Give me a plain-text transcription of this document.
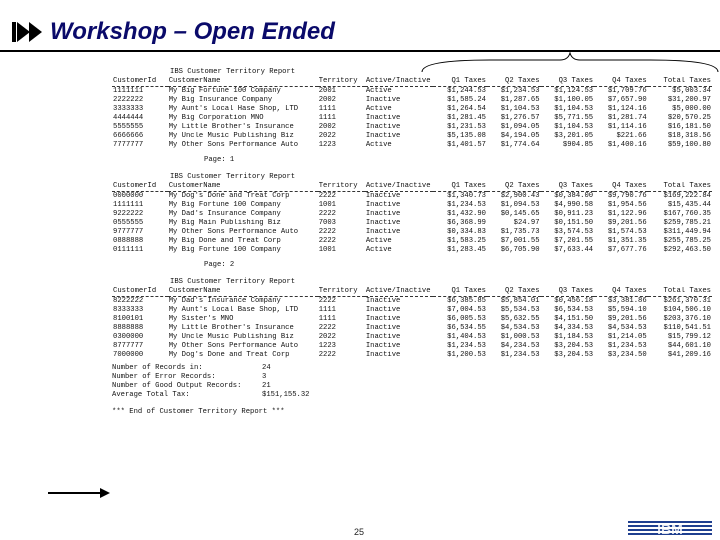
Workshop – Open Ended
IBS Customer Territory Report
CustomerId	CustomerName	Territory	Active/Inactive	Q1 Taxes	Q2 Taxes	Q3 Taxes	Q4 Taxes	Total Taxes
1111111	My Big Fortune 100 Company	2001	Active	$1,244.53	$1,234.53	$1,124.53	$1,709.76	$5,003.34
2222222	My Big Insurance Company	2002	Inactive	$1,585.24	$1,287.65	$1,100.05	$7,657.90	$31,200.97
3333333	My Aunt's Local Hase Shop, LTD	1111	Active	$1,264.54	$1,104.53	$1,104.53	$1,124.16	$5,000.00
4444444	My Big Corporation MNO	1111	Inactive	$1,281.45	$1,276.57	$5,771.55	$1,281.74	$20,570.25
5555555	My Little Brother's Insurance	2002	Inactive	$1,231.53	$1,094.05	$1,104.53	$1,114.16	$16,181.50
6666666	My Uncle Music Publishing Biz	2022	Inactive	$5,135.08	$4,194.05	$3,201.05	$221.66	$18,318.56
7777777	My Other Sons Performance Auto	1223	Active	$1,401.57	$1,774.64	$904.85	$1,400.16	$59,100.80
Page: 1
IBS Customer Territory Report
CustomerId	CustomerName	Territory	Active/Inactive	Q1 Taxes	Q2 Taxes	Q3 Taxes	Q4 Taxes	Total Taxes
0000000	My Dog's Done and Treat Corp	2222	Inactive	$1,340.73	$2,900.43	$0,384.00	$9,790.76	$169,222.84
1111111	My Big Fortune 100 Company	1001	Inactive	$1,234.53	$1,094.53	$4,990.58	$1,954.56	$15,435.44
9222222	My Dad's Insurance Company	2222	Inactive	$1,432.90	$0,145.65	$0,911.23	$1,122.96	$167,760.35
0555555	My Big Main Publishing Biz	7003	Inactive	$6,368.99	$24.97	$0,151.50	$9,201.56	$259,785.21
9777777	My Other Sons Performance Auto	2222	Inactive	$0,334.83	$1,735.73	$3,574.53	$1,574.53	$311,449.94
0888888	My Big Done and Treat Corp	2222	Active	$1,583.25	$7,001.55	$7,201.55	$1,351.35	$255,785.25
0111111	My Big Fortune 100 Company	1001	Active	$1,283.45	$6,705.90	$7,633.44	$7,677.76	$292,463.50
Page: 2
IBS Customer Territory Report
CustomerId	CustomerName	Territory	Active/Inactive	Q1 Taxes	Q2 Taxes	Q3 Taxes	Q4 Taxes	Total Taxes
8222222	My Dad's Insurance Company	2222	Inactive	$6,385.85	$5,854.01	$0,456.18	$3,381.86	$261,370.31
8333333	My Aunt's Local Base Shop, LTD	1111	Inactive	$7,004.53	$5,534.53	$6,534.53	$5,594.10	$104,506.10
8100101	My Sister's MNO	1111	Inactive	$6,005.53	$5,632.55	$4,151.50	$9,201.56	$203,376.10
8888888	My Little Brother's Insurance	2222	Inactive	$6,534.55	$4,534.53	$4,334.53	$4,534.53	$110,541.51
0300000	My Uncle Music Publishing Biz	2022	Inactive	$1,404.53	$1,000.53	$1,184.53	$1,214.05	$15,799.12
8777777	My Other Sons Performance Auto	1223	Inactive	$1,234.53	$4,234.53	$3,204.53	$1,234.53	$44,601.10
7000000	My Dog's Done and Treat Corp	2222	Inactive	$1,200.53	$1,234.53	$3,204.53	$3,234.50	$41,209.16
Number of Records in:	24
Number of Error Records:	3
Number of Good Output Records:	21
Average Total Tax:	$151,155.32
*** End of Customer Territory Report ***
25	IBM
